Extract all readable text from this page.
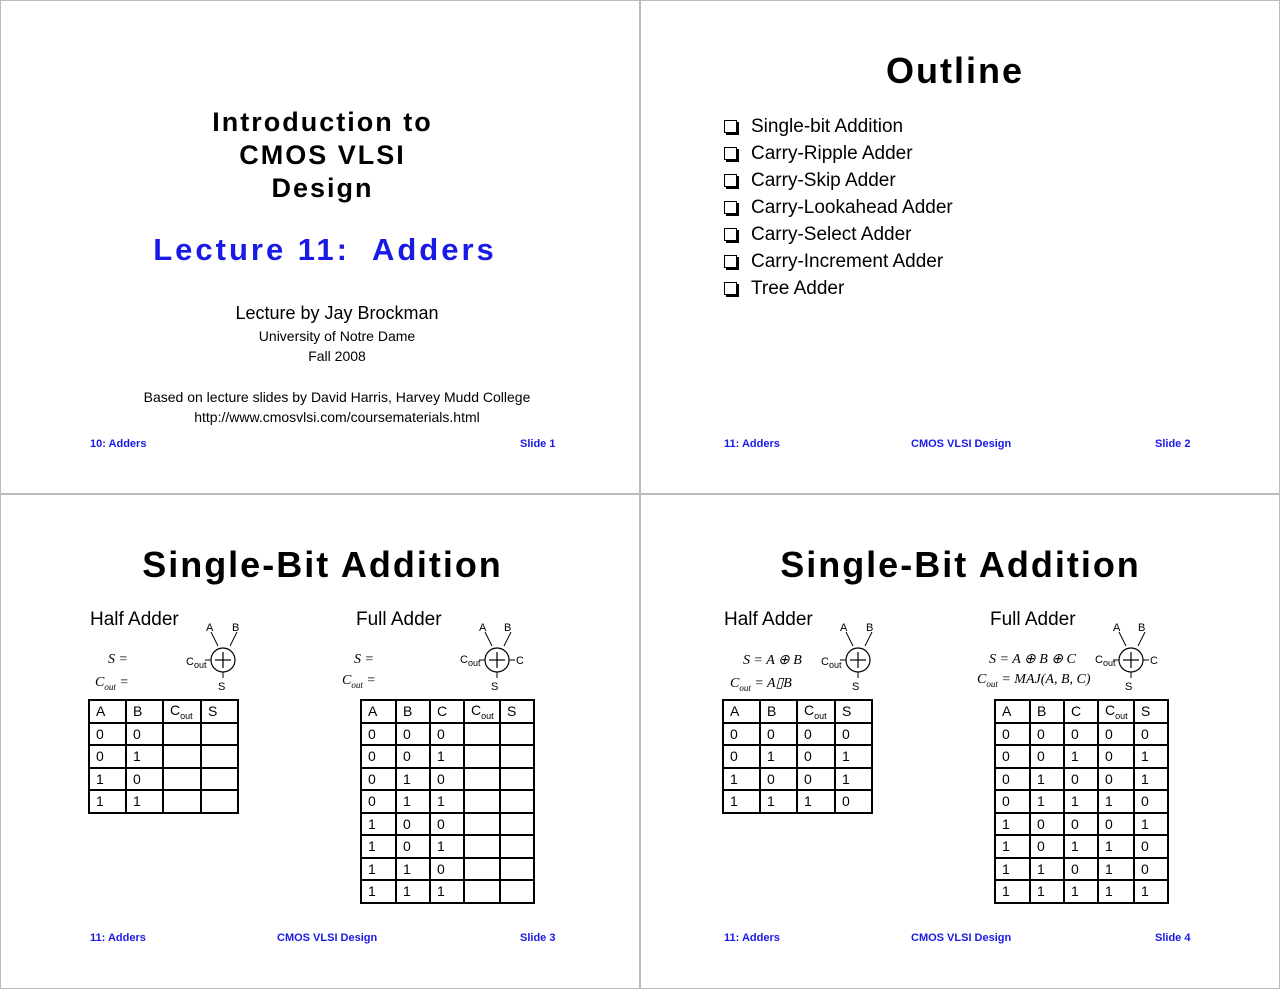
Introduction to
CMOS VLSI
Design
Lecture 11:  Adders
Lecture by Jay Brockman
University of Notre Dame
Fall 2008
Based on lecture slides by David Harris, Harvey Mudd College
http://www.cmosvlsi.com/coursematerials.html
10: Adders	Slide 1
Outline
Single-bit Addition
Carry-Ripple Adder
Carry-Skip Adder
Carry-Lookahead Adder
Carry-Select Adder
Carry-Increment Adder
Tree Adder
11: Adders	CMOS VLSI Design	Slide 2
Single-Bit Addition
Half Adder	Full Adder
S =
$C_{out}$ =
S =
$C_{out}$ =
A B
$C_{out}$
S
A B
$C_{out}$	C
S
A	B	$C_{out}$	S
0	0		
0	1		
1	0		
1	1		
A	B	C	$C_{out}$	S
0	0	0		
0	0	1		
0	1	0		
0	1	1		
1	0	0		
1	0	1		
1	1	0		
1	1	1		
11: Adders	CMOS VLSI Design	Slide 3
Single-Bit Addition
Half Adder	Full Adder
S = A ⊕ B
$C_{out}$ = A▯B
S = A ⊕ B ⊕ C
$C_{out} = MAJ(A$, B, C)
A B
$C_{out}$
S
A B
$C_{out}$	C
S
A	B	$C_{out}$	S
0	0	0	0
0	1	0	1
1	0	0	1
1	1	1	0
A	B	C	$C_{out}$	S
0	0	0	0	0
0	0	1	0	1
0	1	0	0	1
0	1	1	1	0
1	0	0	0	1
1	0	1	1	0
1	1	0	1	0
1	1	1	1	1
11: Adders	CMOS VLSI Design	Slide 4
